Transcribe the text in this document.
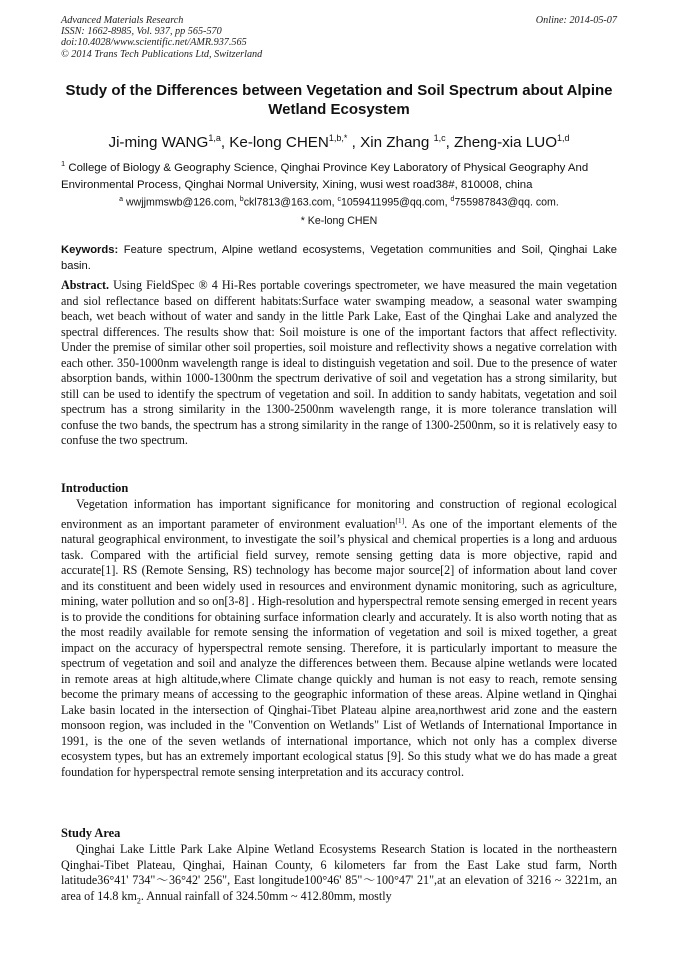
Advanced Materials Research
ISSN: 1662-8985, Vol. 937, pp 565-570
doi:10.4028/www.scientific.net/AMR.937.565
© 2014 Trans Tech Publications Ltd, Switzerland
Online: 2014-05-07
Study of the Differences between Vegetation and Soil Spectrum about Alpine Wetland Ecosystem
Ji-ming WANG$^{1,a}$, Ke-long $CHEN^{1,b,*}$ , Xin Zhang $^{1,c}$, Zheng-xia LUO$^{1,d}$
$^1$ College of Biology & Geography Science, Qinghai Province Key Laboratory of Physical Geography And Environmental Process, Qinghai Normal University, Xining, wusi west road38#, 810008, china
$^a$ wwjjmmswb@126.com, $^b$ckl7813@163.com, $^c$1059411995@qq.com, $^d$755987843@qq. com.
* Ke-long CHEN
Keywords: Feature spectrum, Alpine wetland ecosystems, Vegetation communities and Soil, Qinghai Lake basin.
Abstract. Using FieldSpec ® 4 Hi-Res portable coverings spectrometer, we have measured the main vegetation and siol reflectance based on different habitats:Surface water swamping meadow, a seasonal water swamping beach, wet beach without of water and sandy in the little Park Lake, East of the Qinghai Lake and analyzed the spectral differences. The results show that: Soil moisture is one of the important factors that affect reflectivity. Under the premise of similar other soil properties, soil moisture and reflectivity shows a negative correlation with each other. 350-1000nm wavelength range is ideal to distinguish vegetation and soil. Due to the presence of water absorption bands, within 1000-1300nm the spectrum derivative of soil and vegetation has a strong similarity, but still can be used to identify the spectrum of vegetation and soil. In addition to sandy habitats, vegetation and soil spectrum has a strong similarity in the 1300-2500nm wavelength range, it is more tolerance translation will confuse the two bands, the spectrum has a strong similarity in the range of 1300-2500nm, so it is relatively easy to confuse the two spectrum.
Introduction
Vegetation information has important significance for monitoring and construction of regional ecological environment as an important parameter of environment evaluation[1]. As one of the important elements of the natural geographical environment, to investigate the soil’s physical and chemical properties is a long and arduous task. Compared with the artificial field survey, remote sensing getting data is more objective, rapid and accurate[1]. RS (Remote Sensing, RS) technology has become major source[2] of information about land cover and its constituent and been widely used in resources and environment dynamic monitoring, such as agriculture, mining, water pollution and so on[3-8] . High-resolution and hyperspectral remote sensing emerged in recent years is to provide the conditions for obtaining surface information clearly and accurately. It is also worth noting that as the most readily available for remote sensing the information of vegetation and soil is mixed together, a great impact on the accuracy of hyperspectral remote sensing. Therefore, it is particularly important to measure the spectrum of vegetation and soil and analyze the differences between them. Because alpine wetlands were located in remote areas at high altitude,where Climate change quickly and human is not easy to reach, remote sensing become the primary means of accessing to the geographic information of these areas. Alpine wetland in Qinghai Lake basin located in the intersection of Qinghai-Tibet Plateau alpine area,northwest arid zone and the eastern monsoon region, was included in the "Convention on Wetlands" List of Wetlands of International Importance in 1991, is the one of the seven wetlands of international importance, which not only has a complex diverse ecosystem types, but has an extremely important ecological status [9]. So this study what we do has made a great foundation for hyperspectral remote sensing interpretation and its accuracy control.
Study Area
Qinghai Lake Little Park Lake Alpine Wetland Ecosystems Research Station is located in the northeastern Qinghai-Tibet Plateau, Qinghai, Hainan County, 6 kilometers far from the East Lake stud farm, North latitude36°41' 734"～36°42' 256", East longitude100°46' 85"～100°47' 21",at an elevation of 3216 ~ 3221m, an area of 14.8 $km_2$. Annual rainfall of 324.50mm ~ 412.80mm, mostly
